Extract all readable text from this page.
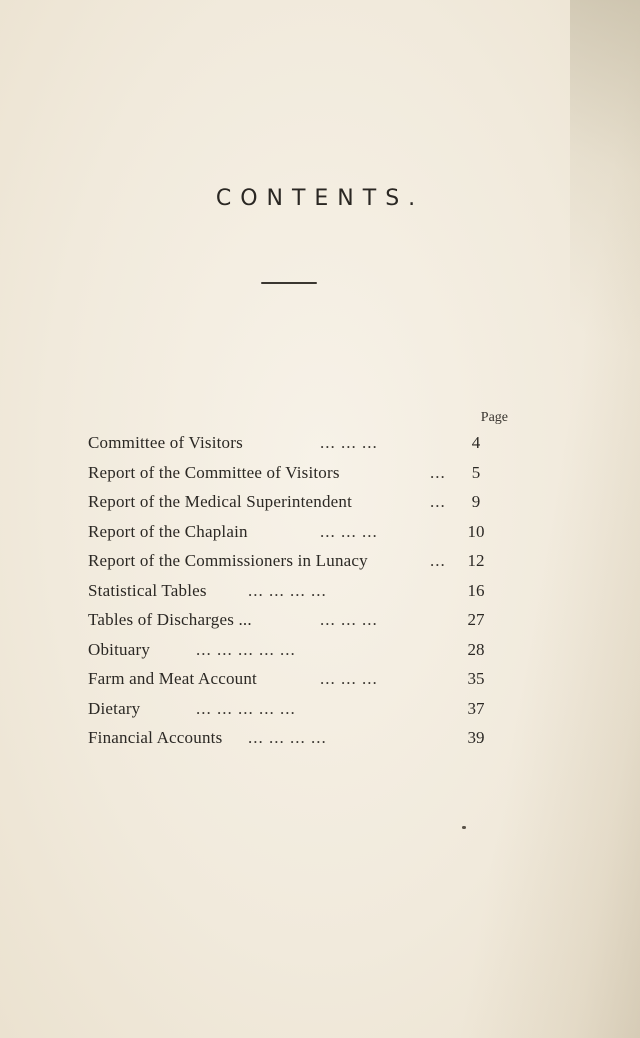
CONTENTS.
Page
Committee of Visitors	... ... ...	4
Report of the Committee of Visitors	...	5
Report of the Medical Superintendent	...	9
Report of the Chaplain	... ... ...	10
Report of the Commissioners in Lunacy	... 12
Statistical Tables ... ... ... ...	16
Tables of Discharges ...	... ... ...	27
Obituary	... ... ... ... ...	28
Farm and Meat Account	... ... ...	35
Dietary	... ... ... ... ...	37
Financial Accounts ... ... ... ...	39
